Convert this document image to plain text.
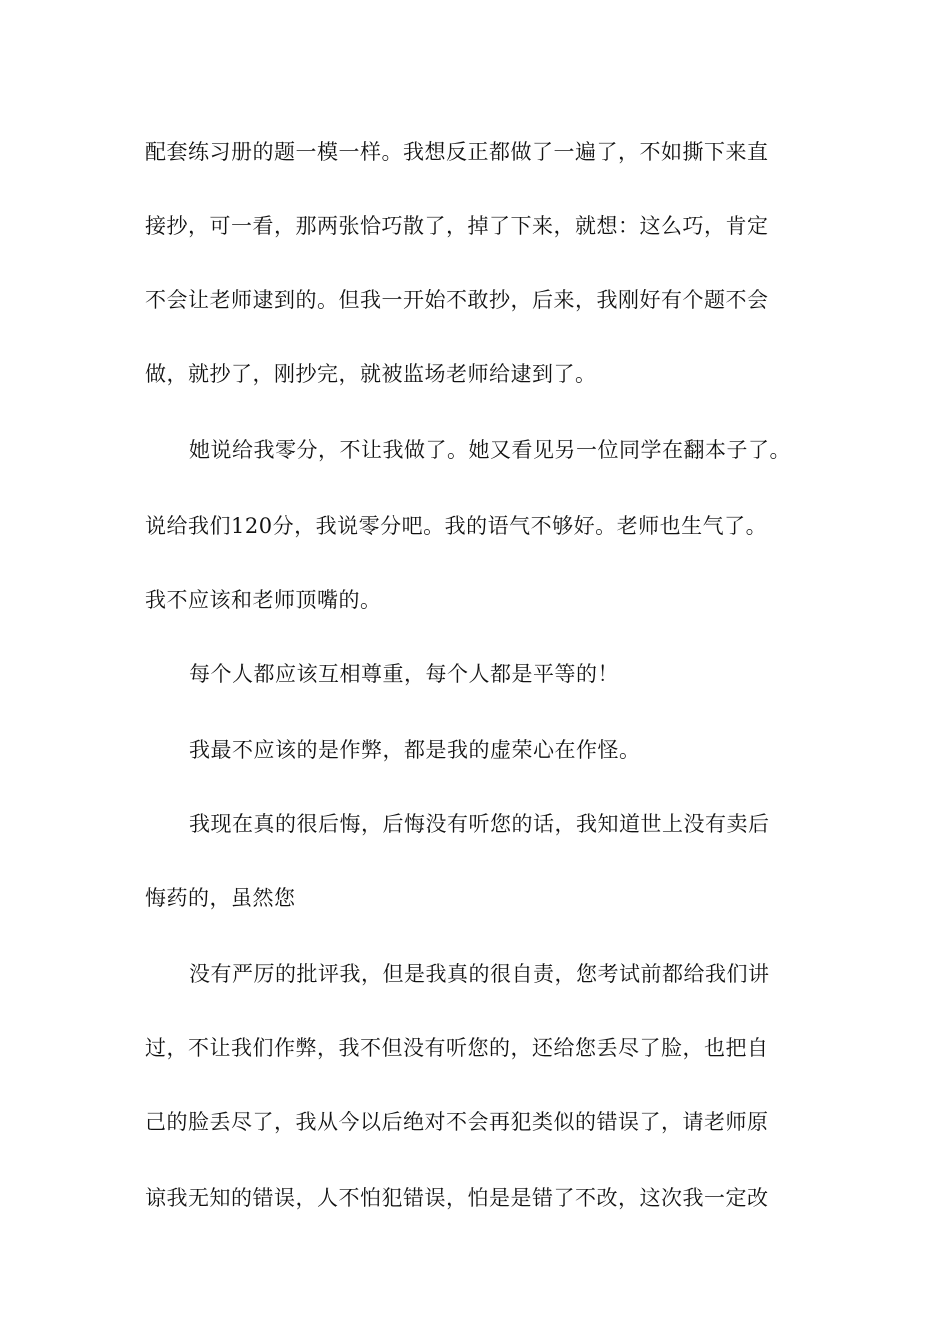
配套练习册的题一模一样。我想反正都做了一遍了，不如撕下来直
接抄，可一看，那两张恰巧散了，掉了下来，就想：这么巧，肯定
不会让老师逮到的。但我一开始不敢抄，后来，我刚好有个题不会
做，就抄了，刚抄完，就被监场老师给逮到了。
她说给我零分，不让我做了。她又看见另一位同学在翻本子了。
说给我们120分，我说零分吧。我的语气不够好。老师也生气了。
我不应该和老师顶嘴的。
每个人都应该互相尊重，每个人都是平等的！
我最不应该的是作弊，都是我的虚荣心在作怪。
我现在真的很后悔，后悔没有听您的话，我知道世上没有卖后
悔药的，虽然您
没有严厉的批评我，但是我真的很自责，您考试前都给我们讲
过，不让我们作弊，我不但没有听您的，还给您丢尽了脸，也把自
己的脸丢尽了，我从今以后绝对不会再犯类似的错误了，请老师原
谅我无知的错误，人不怕犯错误，怕是是错了不改，这次我一定改
